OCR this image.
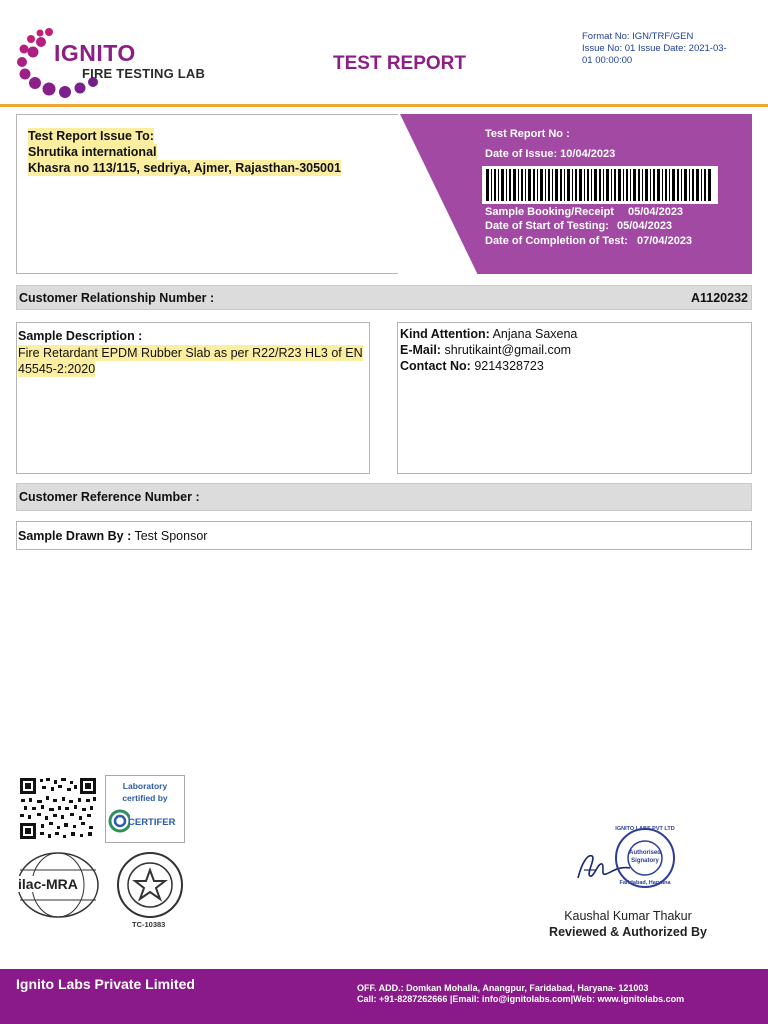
IGNITO
FIRE TESTING LAB	TEST REPORT
Format No: IGN/TRF/GEN
Issue No: 01 Issue Date: 2021-03-
01 00:00:00
Test Report Issue To:
Shrutika international
Khasra no 113/115, sedriya, Ajmer, Rajasthan-305001
Test Report No :
Date of Issue: 10/04/2023
Sample Booking/Receipt 05/04/2023
Date of Start of Testing: 05/04/2023
Date of Completion of Test: 07/04/2023
Customer Relationship Number :	A1120232
Sample Description :
Fire Retardant EPDM Rubber Slab as per R22/R23 HL3 of EN
45545-2:2020
Kind Attention: Anjana Saxena
E-Mail: shrutikaint@gmail.com
Contact No: 9214328723
Customer Reference Number :
Sample Drawn By : Test Sponsor
Laboratory
certified by
CERTIFER
ilac-MRA
TC-10383
IGNITO LABS PVT LTD
Authorised
Signatory
Faridabad, Haryana
Kaushal Kumar Thakur
Reviewed & Authorized By
Ignito Labs Private Limited	OFF. ADD.: Domkan Mohalla, Anangpur, Faridabad, Haryana- 121003
Call: +91-8287262666 |Email: info@ignitolabs.com|Web: www.ignitolabs.com
